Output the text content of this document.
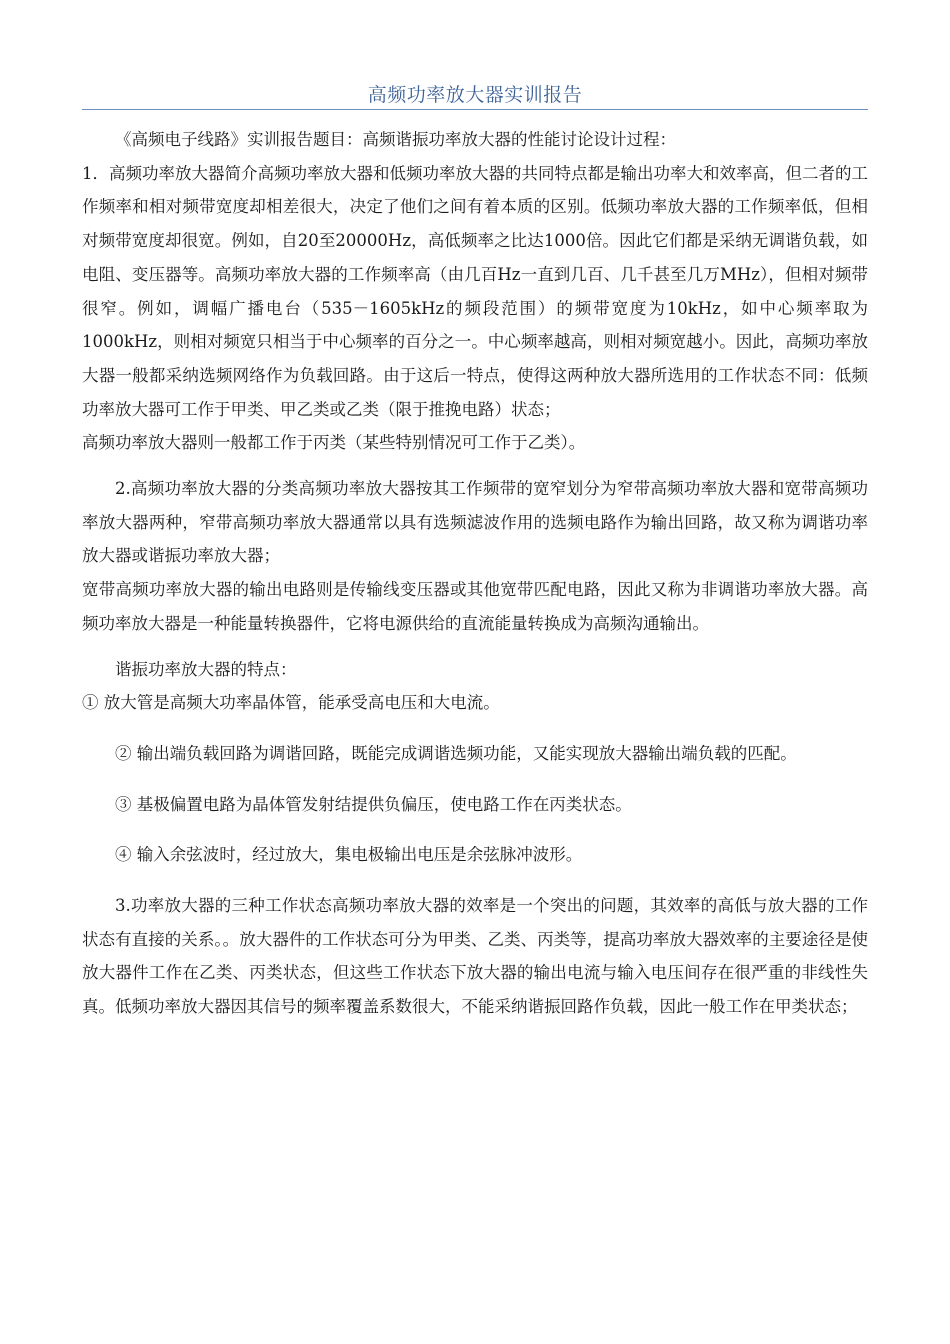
高频功率放大器实训报告

《高频电子线路》实训报告题目：高频谐振功率放大器的性能讨论设计过程：

1．高频功率放大器简介高频功率放大器和低频功率放大器的共同特点都是输出功率大和效率高，但二者的工作频率和相对频带宽度却相差很大，决定了他们之间有着本质的区别。低频功率放大器的工作频率低，但相对频带宽度却很宽。例如，自20至20000Hz，高低频率之比达1000倍。因此它们都是采纳无调谐负载，如电阻、变压器等。高频功率放大器的工作频率高（由几百Hz一直到几百、几千甚至几万MHz），但相对频带很窄。例如，调幅广播电台（535－1605kHz的频段范围）的频带宽度为10kHz，如中心频率取为1000kHz，则相对频宽只相当于中心频率的百分之一。中心频率越高，则相对频宽越小。因此，高频功率放大器一般都采纳选频网络作为负载回路。由于这后一特点，使得这两种放大器所选用的工作状态不同：低频功率放大器可工作于甲类、甲乙类或乙类（限于推挽电路）状态；

高频功率放大器则一般都工作于丙类（某些特别情况可工作于乙类）。

2.高频功率放大器的分类高频功率放大器按其工作频带的宽窄划分为窄带高频功率放大器和宽带高频功率放大器两种，窄带高频功率放大器通常以具有选频滤波作用的选频电路作为输出回路，故又称为调谐功率放大器或谐振功率放大器；

宽带高频功率放大器的输出电路则是传输线变压器或其他宽带匹配电路，因此又称为非调谐功率放大器。高频功率放大器是一种能量转换器件，它将电源供给的直流能量转换成为高频沟通输出。

谐振功率放大器的特点：

① 放大管是高频大功率晶体管，能承受高电压和大电流。

② 输出端负载回路为调谐回路，既能完成调谐选频功能，又能实现放大器输出端负载的匹配。

③ 基极偏置电路为晶体管发射结提供负偏压，使电路工作在丙类状态。

④ 输入余弦波时，经过放大，集电极输出电压是余弦脉冲波形。

3.功率放大器的三种工作状态高频功率放大器的效率是一个突出的问题，其效率的高低与放大器的工作状态有直接的关系。。放大器件的工作状态可分为甲类、乙类、丙类等，提高功率放大器效率的主要途径是使放大器件工作在乙类、丙类状态，但这些工作状态下放大器的输出电流与输入电压间存在很严重的非线性失真。低频功率放大器因其信号的频率覆盖系数很大，不能采纳谐振回路作负载，因此一般工作在甲类状态；
